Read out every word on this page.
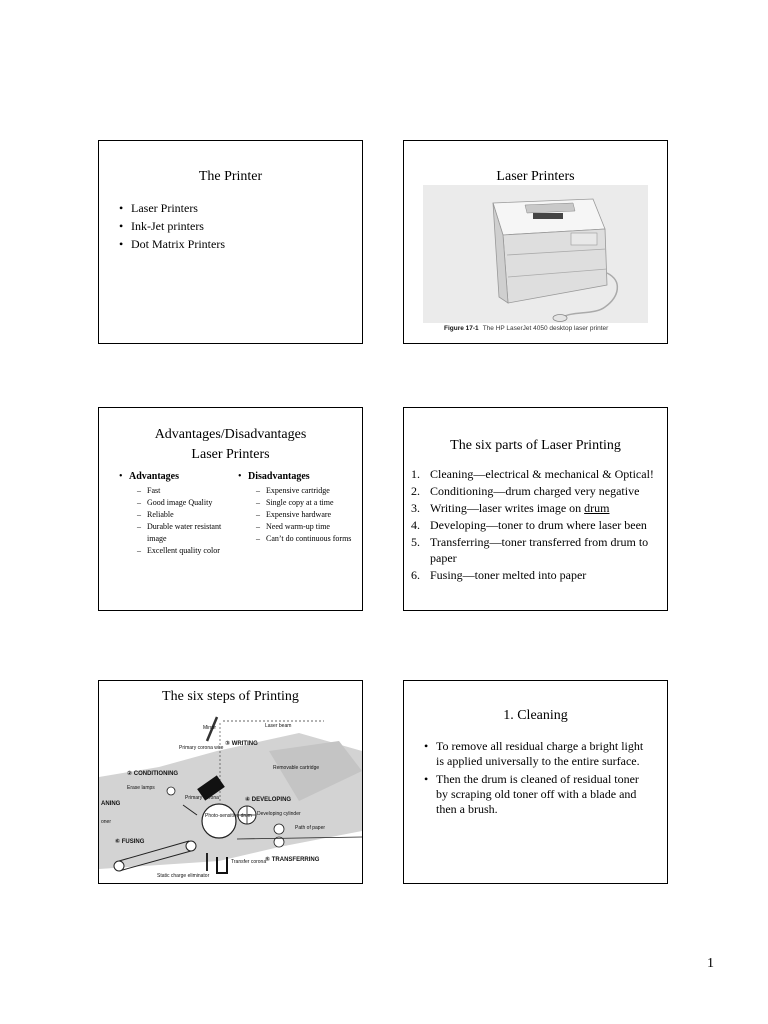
The Printer
• Laser Printers
• Ink-Jet printers
• Dot Matrix Printers
Laser Printers
Figure 17-1 The HP LaserJet 4050 desktop laser printer
Advantages/Disadvantages
Laser Printers
• Advantages
– Fast
– Good image Quality
– Reliable
– Durable water resistant image
– Excellent quality color
• Disadvantages
– Expensive cartridge
– Single copy at a time
– Expensive hardware
– Need warm-up time
– Can’t do continuous forms
The six parts of Laser Printing
1. Cleaning—electrical & mechanical & Optical!
2. Conditioning—drum charged very negative
3. Writing—laser writes image on drum
4. Developing—toner to drum where laser been
5. Transferring—toner transferred from drum to paper
6. Fusing—toner melted into paper
The six steps of Printing
Mirror	Laser beam
③ WRITING
Primary corona wire
Removable cartridge
② CONDITIONING
Erase lamps
Primary corona	④ DEVELOPING
ANING
oner
Photo-sensitive drum Developing cylinder
Path of paper
⑥ FUSING
Transfer corona
⑤ TRANSFERRING
Static charge eliminator
1. Cleaning
• To remove all residual charge a bright light is applied universally to the entire surface.
• Then the drum is cleaned of residual toner by scraping old toner off with a blade and then a brush.
1
